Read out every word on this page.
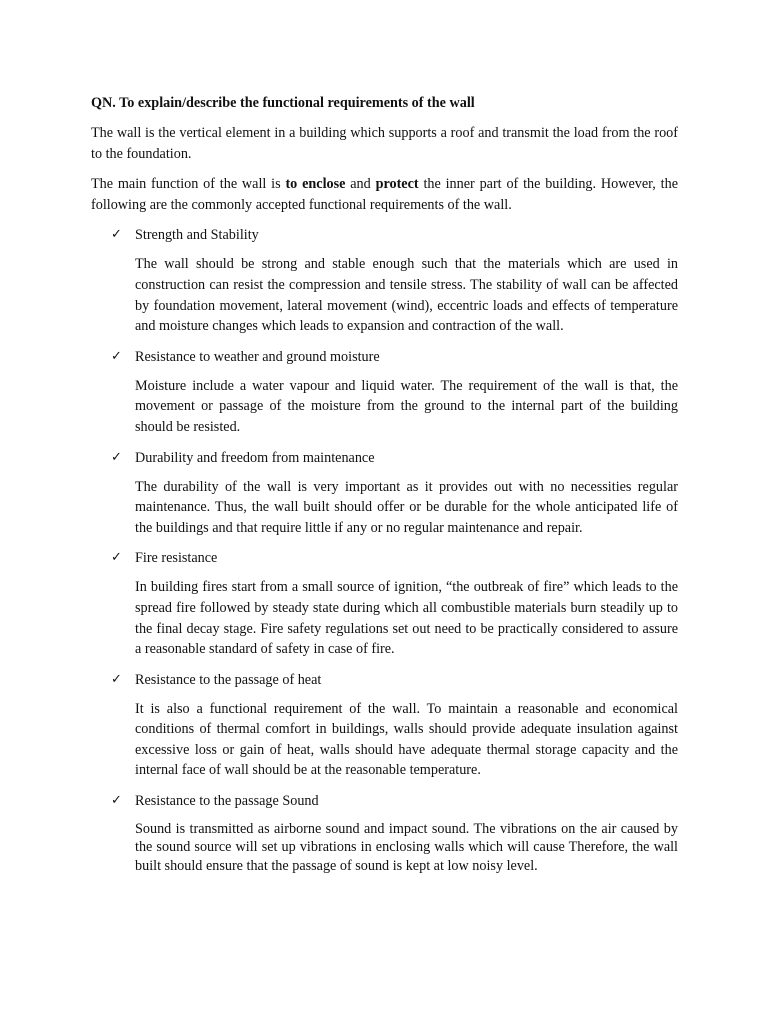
QN. To explain/describe the functional requirements of the wall

The wall is the vertical element in a building which supports a roof and transmit the load from the roof to the foundation.

The main function of the wall is to enclose and protect the inner part of the building. However, the following are the commonly accepted functional requirements of the wall.

✓ Strength and Stability
The wall should be strong and stable enough such that the materials which are used in construction can resist the compression and tensile stress. The stability of wall can be affected by foundation movement, lateral movement (wind), eccentric loads and effects of temperature and moisture changes which leads to expansion and contraction of the wall.
✓ Resistance to weather and ground moisture
Moisture include a water vapour and liquid water. The requirement of the wall is that, the movement or passage of the moisture from the ground to the internal part of the building should be resisted.
✓ Durability and freedom from maintenance
The durability of the wall is very important as it provides out with no necessities regular maintenance. Thus, the wall built should offer or be durable for the whole anticipated life of the buildings and that require little if any or no regular maintenance and repair.
✓ Fire resistance
In building fires start from a small source of ignition, “the outbreak of fire” which leads to the spread fire followed by steady state during which all combustible materials burn steadily up to the final decay stage. Fire safety regulations set out need to be practically considered to assure a reasonable standard of safety in case of fire.
✓ Resistance to the passage of heat
It is also a functional requirement of the wall. To maintain a reasonable and economical conditions of thermal comfort in buildings, walls should provide adequate insulation against excessive loss or gain of heat, walls should have adequate thermal storage capacity and the internal face of wall should be at the reasonable temperature.
✓ Resistance to the passage Sound
Sound is transmitted as airborne sound and impact sound. The vibrations on the air caused by the sound source will set up vibrations in enclosing walls which will cause Therefore, the wall built should ensure that the passage of sound is kept at low noisy level.
